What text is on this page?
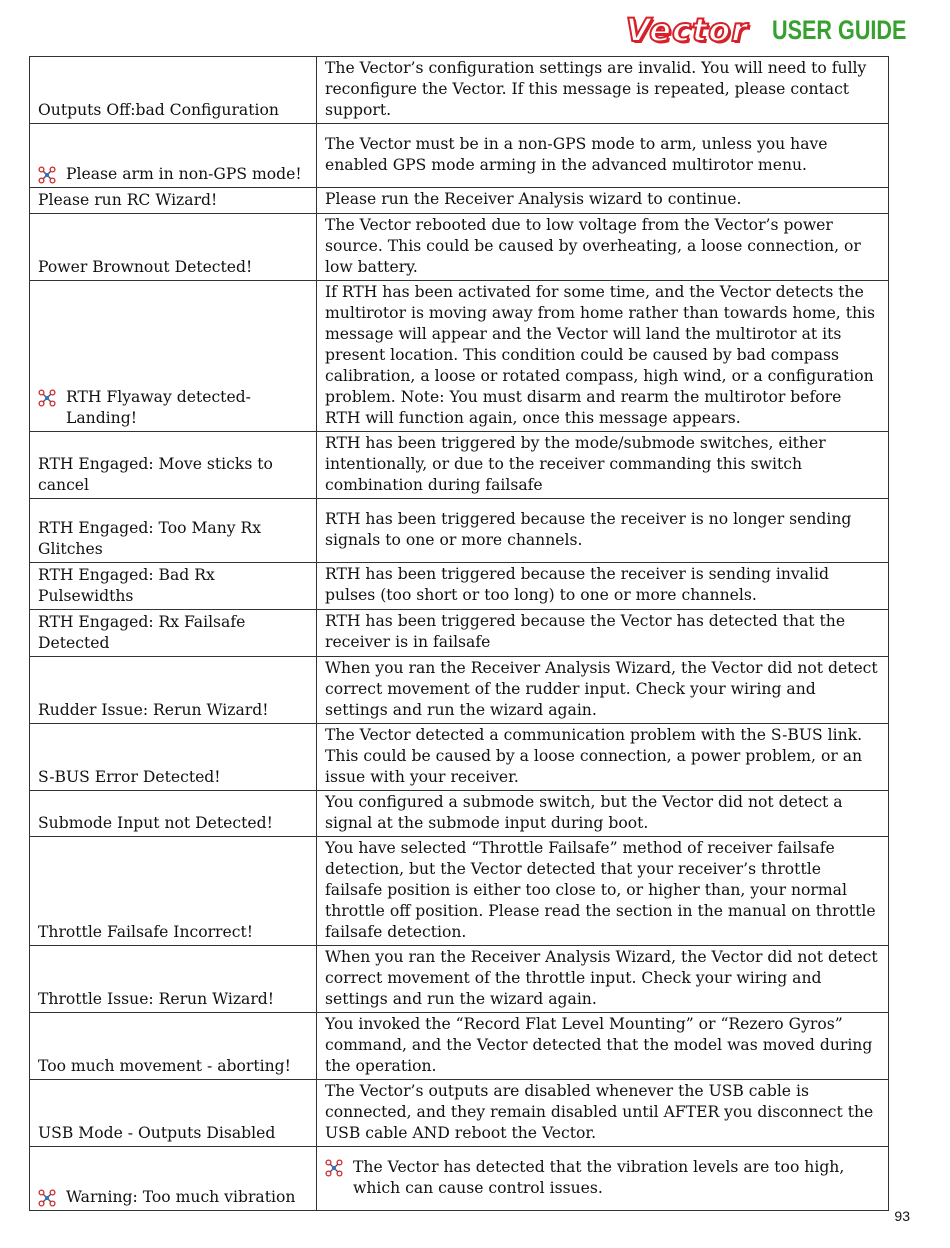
Vector USER GUIDE
Outputs Off:bad Configuration	The Vector’s configuration settings are invalid. You will need to fully reconfigure the Vector. If this message is repeated, please contact support.

Please arm in non-GPS mode!	The Vector must be in a non-GPS mode to arm, unless you have enabled GPS mode arming in the advanced multirotor menu.
Please run RC Wizard!	Please run the Receiver Analysis wizard to continue.
Power Brownout Detected!	The Vector rebooted due to low voltage from the Vector’s power source. This could be caused by overheating, a loose connection, or low battery.

RTH Flyaway detected- Landing!	If RTH has been activated for some time, and the Vector detects the multirotor is moving away from home rather than towards home, this message will appear and the Vector will land the multirotor at its present location. This condition could be caused by bad compass calibration, a loose or rotated compass, high wind, or a configuration problem. Note: You must disarm and rearm the multirotor before RTH will function again, once this message appears.
RTH Engaged: Move sticks to cancel	RTH has been triggered by the mode/submode switches, either intentionally, or due to the receiver commanding this switch combination during failsafe
RTH Engaged: Too Many Rx Glitches	RTH has been triggered because the receiver is no longer sending signals to one or more channels.
RTH Engaged: Bad Rx Pulsewidths	RTH has been triggered because the receiver is sending invalid pulses (too short or too long) to one or more channels.
RTH Engaged: Rx Failsafe Detected	RTH has been triggered because the Vector has detected that the receiver is in failsafe
Rudder Issue: Rerun Wizard!	When you ran the Receiver Analysis Wizard, the Vector did not detect correct movement of the rudder input. Check your wiring and settings and run the wizard again.
S-BUS Error Detected!	The Vector detected a communication problem with the S-BUS link. This could be caused by a loose connection, a power problem, or an issue with your receiver.
Submode Input not Detected!	You configured a submode switch, but the Vector did not detect a signal at the submode input during boot.
Throttle Failsafe Incorrect!	You have selected “Throttle Failsafe” method of receiver failsafe detection, but the Vector detected that your receiver’s throttle failsafe position is either too close to, or higher than, your normal throttle off position. Please read the section in the manual on throttle failsafe detection.
Throttle Issue: Rerun Wizard!	When you ran the Receiver Analysis Wizard, the Vector did not detect correct movement of the throttle input. Check your wiring and settings and run the wizard again.
Too much movement - aborting!	You invoked the “Record Flat Level Mounting” or “Rezero Gyros” command, and the Vector detected that the model was moved during the operation.
USB Mode - Outputs Disabled	The Vector’s outputs are disabled whenever the USB cable is connected, and they remain disabled until AFTER you disconnect the USB cable AND reboot the Vector.

Warning: Too much vibration	The Vector has detected that the vibration levels are too high, which can cause control issues.
93
